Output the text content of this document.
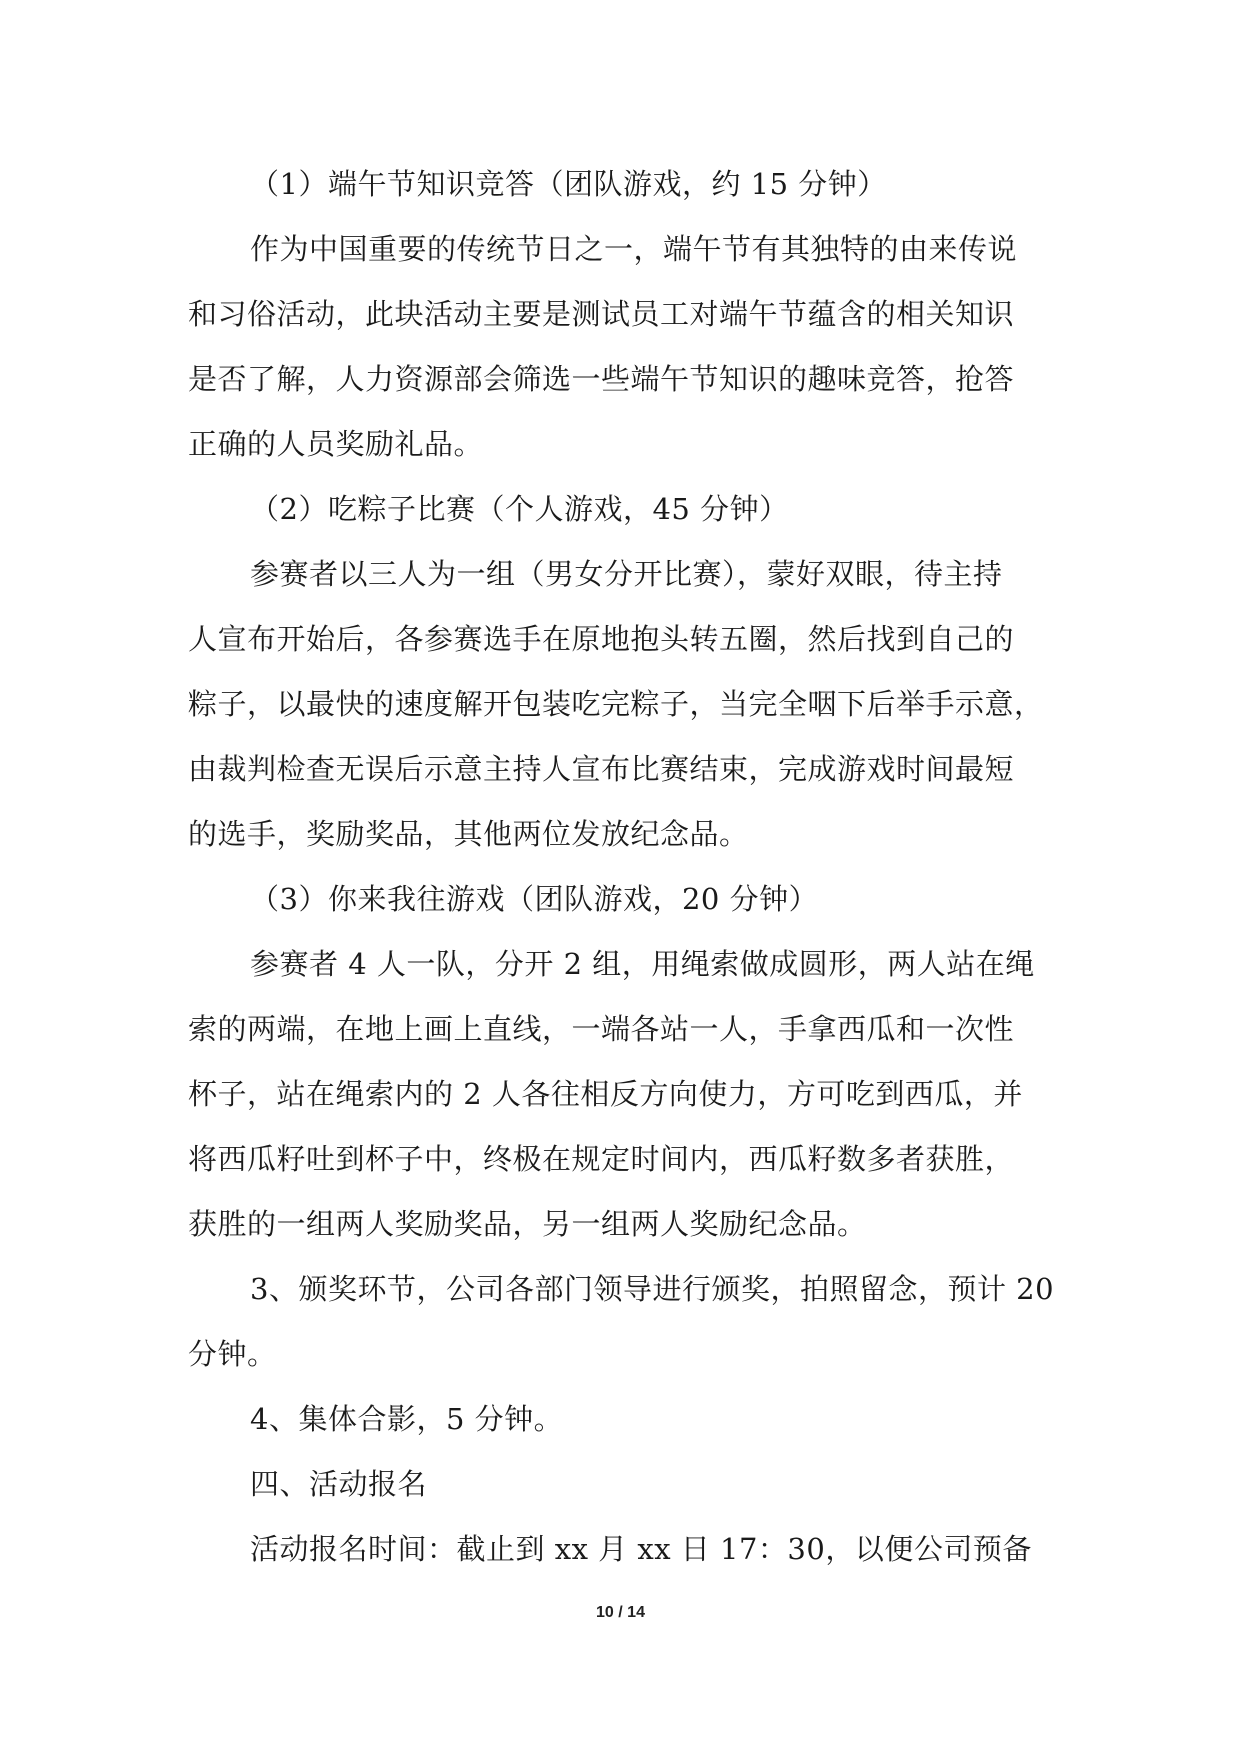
（1）端午节知识竞答（团队游戏，约 15 分钟）

作为中国重要的传统节日之一，端午节有其独特的由来传说

和习俗活动，此块活动主要是测试员工对端午节蕴含的相关知识

是否了解，人力资源部会筛选一些端午节知识的趣味竞答，抢答

正确的人员奖励礼品。

（2）吃粽子比赛（个人游戏，45 分钟）

参赛者以三人为一组（男女分开比赛），蒙好双眼，待主持

人宣布开始后，各参赛选手在原地抱头转五圈，然后找到自己的

粽子，以最快的速度解开包装吃完粽子，当完全咽下后举手示意，

由裁判检查无误后示意主持人宣布比赛结束，完成游戏时间最短

的选手，奖励奖品，其他两位发放纪念品。

（3）你来我往游戏（团队游戏，20 分钟）

参赛者 4 人一队，分开 2 组，用绳索做成圆形，两人站在绳

索的两端，在地上画上直线，一端各站一人，手拿西瓜和一次性

杯子，站在绳索内的 2 人各往相反方向使力，方可吃到西瓜，并

将西瓜籽吐到杯子中，终极在规定时间内，西瓜籽数多者获胜，

获胜的一组两人奖励奖品，另一组两人奖励纪念品。

3、颁奖环节，公司各部门领导进行颁奖，拍照留念，预计 20

分钟。

4、集体合影，5 分钟。

四、活动报名

活动报名时间：截止到 xx 月 xx 日 17：30，以便公司预备

10 / 14
